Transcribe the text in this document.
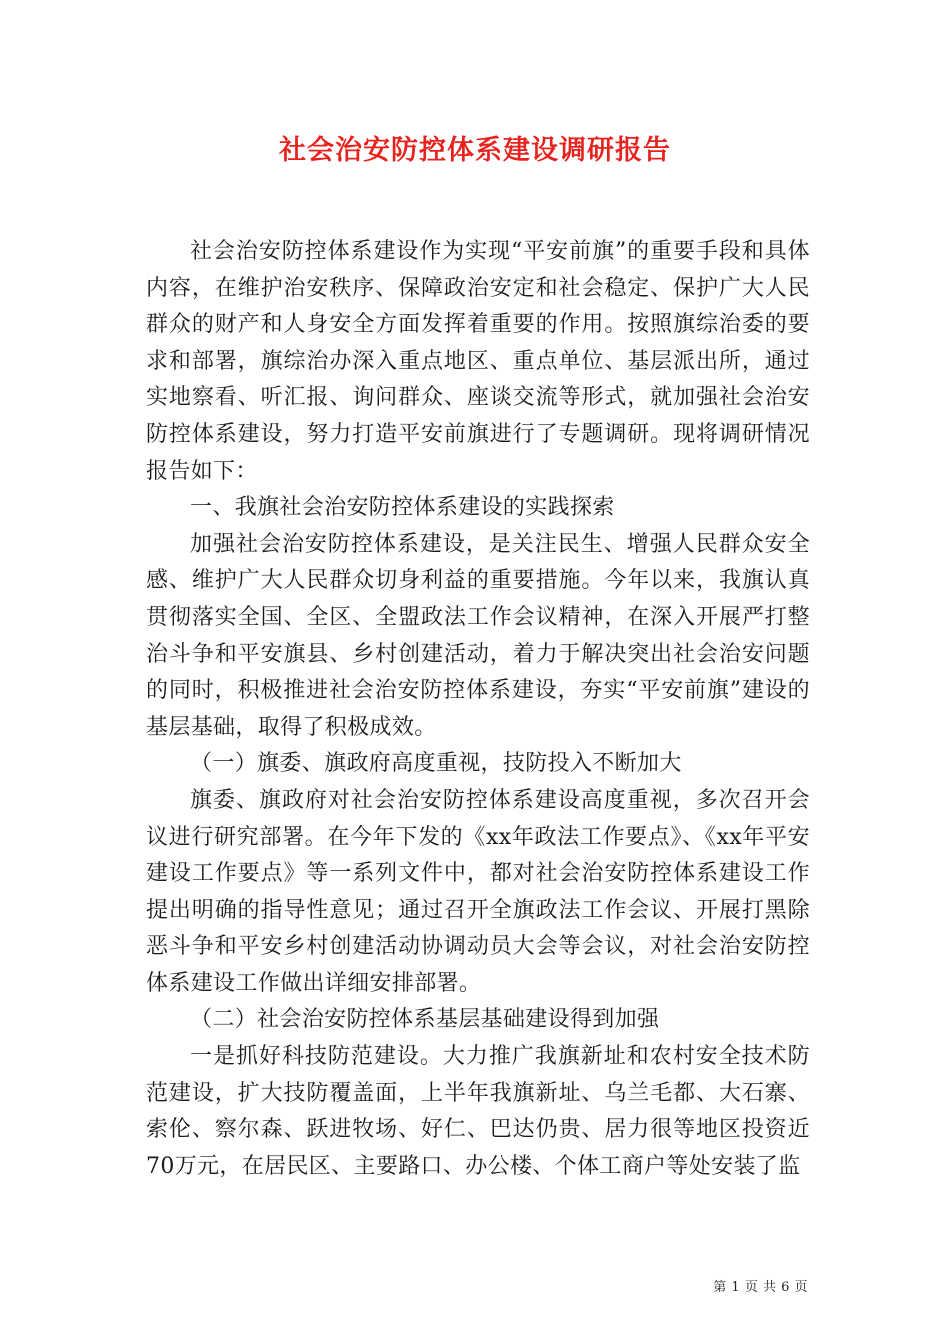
社会治安防控体系建设调研报告

社会治安防控体系建设作为实现“平安前旗”的重要手段和具体内容，在维护治安秩序、保障政治安定和社会稳定、保护广大人民群众的财产和人身安全方面发挥着重要的作用。按照旗综治委的要求和部署，旗综治办深入重点地区、重点单位、基层派出所，通过实地察看、听汇报、询问群众、座谈交流等形式，就加强社会治安防控体系建设，努力打造平安前旗进行了专题调研。现将调研情况报告如下：

一、我旗社会治安防控体系建设的实践探索

加强社会治安防控体系建设，是关注民生、增强人民群众安全感、维护广大人民群众切身利益的重要措施。今年以来，我旗认真贯彻落实全国、全区、全盟政法工作会议精神，在深入开展严打整治斗争和平安旗县、乡村创建活动，着力于解决突出社会治安问题的同时，积极推进社会治安防控体系建设，夯实“平安前旗”建设的基层基础，取得了积极成效。

（一）旗委、旗政府高度重视，技防投入不断加大

旗委、旗政府对社会治安防控体系建设高度重视，多次召开会议进行研究部署。在今年下发的《xx年政法工作要点》、《xx年平安建设工作要点》等一系列文件中，都对社会治安防控体系建设工作提出明确的指导性意见；通过召开全旗政法工作会议、开展打黑除恶斗争和平安乡村创建活动协调动员大会等会议，对社会治安防控体系建设工作做出详细安排部署。

（二）社会治安防控体系基层基础建设得到加强

一是抓好科技防范建设。大力推广我旗新址和农村安全技术防范建设，扩大技防覆盖面，上半年我旗新址、乌兰毛都、大石寨、索伦、察尔森、跃进牧场、好仁、巴达仍贵、居力很等地区投资近70万元，在居民区、主要路口、办公楼、个体工商户等处安装了监

第 1 页 共 6 页
